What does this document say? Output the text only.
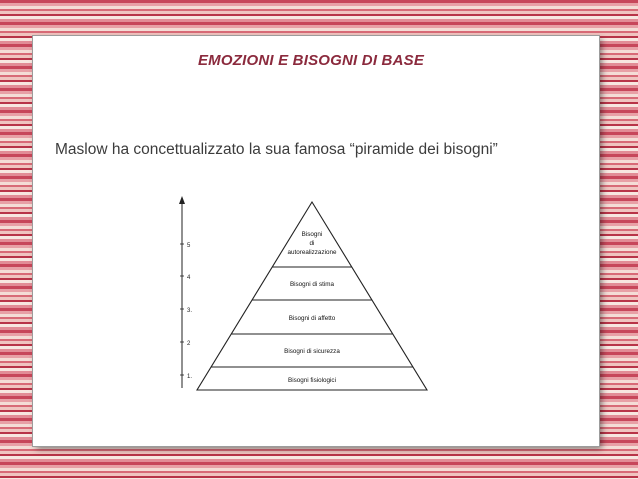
EMOZIONI E BISOGNI DI BASE
Maslow ha concettualizzato la sua famosa “piramide dei bisogni”
5
4
3.
2
1.
Bisogni
di
autorealizzazione
Bisogni di stima
Bisogni di affetto
Bisogni di sicurezza
Bisogni fisiologici
